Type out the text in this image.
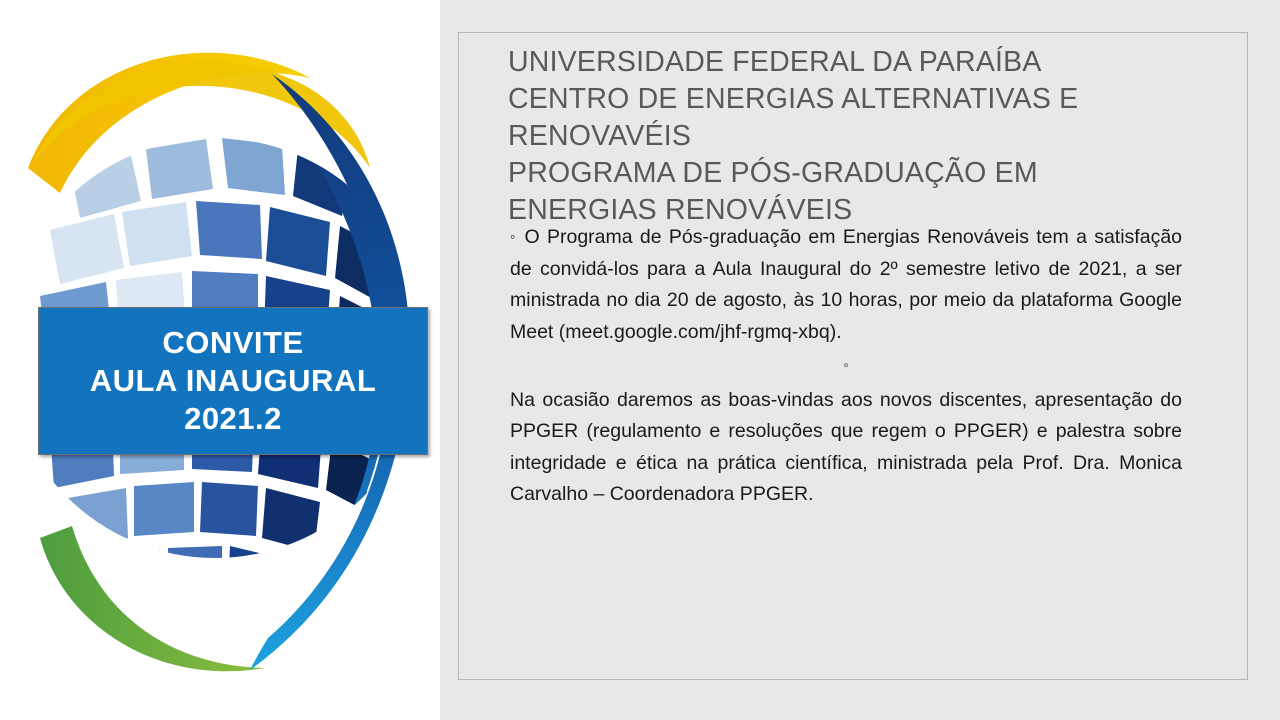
CONVITE
AULA INAUGURAL
2021.2
UNIVERSIDADE FEDERAL DA PARAÍBA
CENTRO DE ENERGIAS ALTERNATIVAS E
RENOVAVÉIS
PROGRAMA DE PÓS-GRADUAÇÃO EM
ENERGIAS RENOVÁVEIS

◦ O Programa de Pós-graduação em Energias Renováveis tem a satisfação de convidá-los para a Aula Inaugural do 2º semestre letivo de 2021, a ser ministrada no dia 20 de agosto, às 10 horas, por meio da plataforma Google Meet (meet.google.com/jhf-rgmq-xbq).

◦

Na ocasião daremos as boas-vindas aos novos discentes, apresentação do PPGER (regulamento e resoluções que regem o PPGER) e palestra sobre integridade e ética na prática científica, ministrada pela Prof. Dra. Monica Carvalho – Coordenadora PPGER.
